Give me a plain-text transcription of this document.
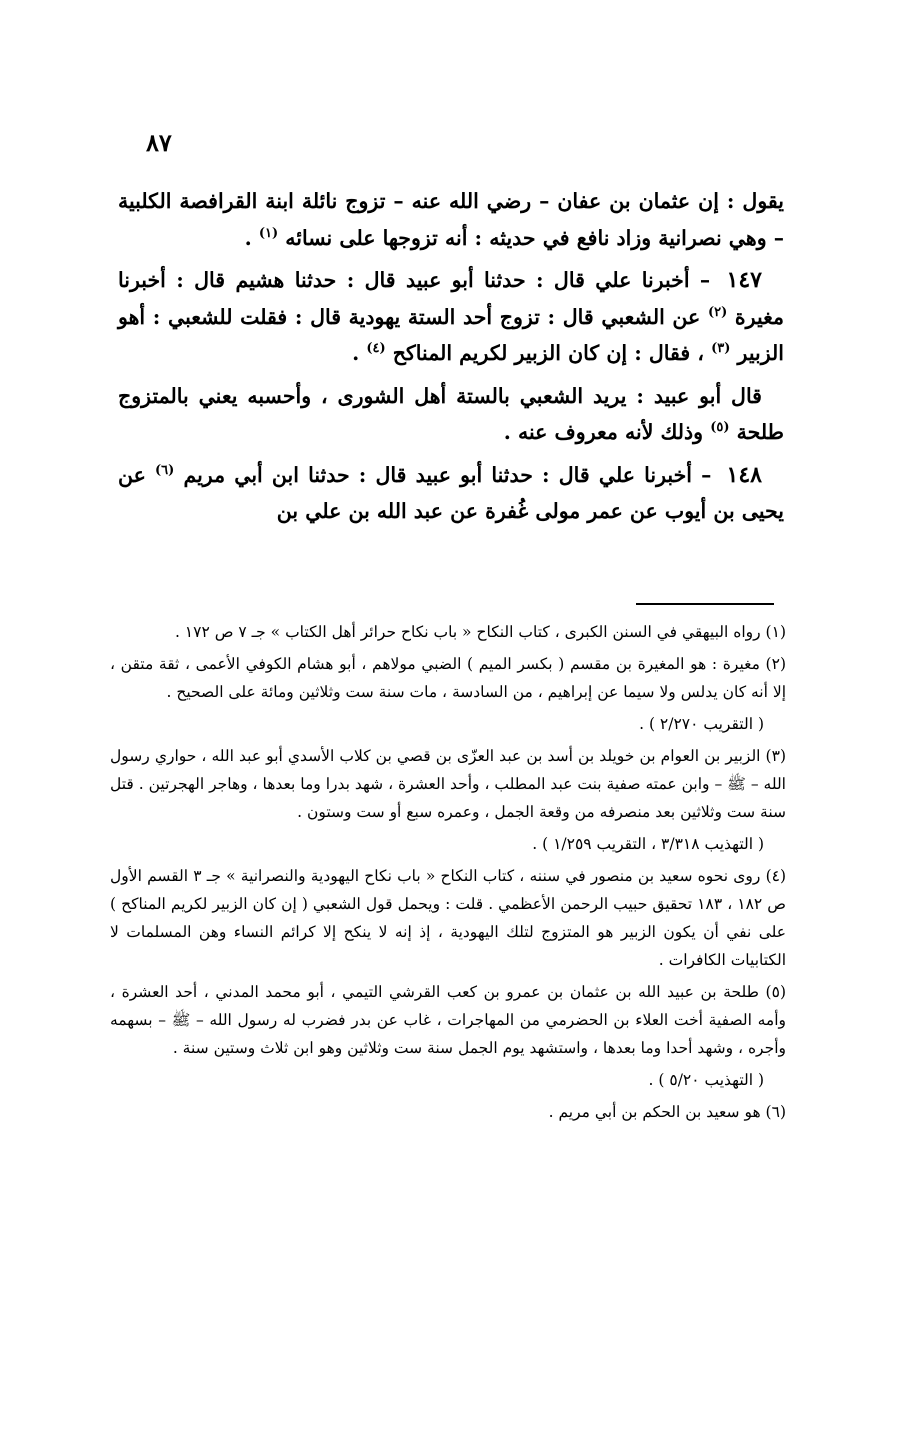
٨٧

يقول : إن عثمان بن عفان – رضي الله عنه – تزوج نائلة ابنة القرافصة الكلبية – وهي نصرانية وزاد نافع في حديثه : أنه تزوجها على نسائه $^{(١)}$ .

١٤٧ – أخبرنا علي قال : حدثنا أبو عبيد قال : حدثنا هشيم قال : أخبرنا مغيرة $^{(٢)}$ عن الشعبي قال : تزوج أحد الستة يهودية قال : فقلت للشعبي : أهو الزبير $^{(٣)}$ ، فقال : إن كان الزبير لكريم المناكح $^{(٤)}$ .

قال أبو عبيد : يريد الشعبي بالستة أهل الشورى ، وأحسبه يعني بالمتزوج طلحة $^{(٥)}$ وذلك لأنه معروف عنه .

١٤٨ – أخبرنا علي قال : حدثنا أبو عبيد قال : حدثنا ابن أبي مريم $^{(٦)}$ عن يحيى بن أيوب عن عمر مولى غُفرة عن عبد الله بن علي بن

(١) رواه البيهقي في السنن الكبرى ، كتاب النكاح « باب نكاح حرائر أهل الكتاب » جـ ٧ ص ١٧٢ .

(٢) مغيرة : هو المغيرة بن مقسم ( بكسر الميم ) الضبي مولاهم ، أبو هشام الكوفي الأعمى ، ثقة متقن ، إلا أنه كان يدلس ولا سيما عن إبراهيم ، من السادسة ، مات سنة ست وثلاثين ومائة على الصحيح .

( التقريب ٢/٢٧٠ ) .

(٣) الزبير بن العوام بن خويلد بن أسد بن عبد العزّى بن قصي بن كلاب الأسدي أبو عبد الله ، حواري رسول الله – ﷺ – وابن عمته صفية بنت عبد المطلب ، وأحد العشرة ، شهد بدرا وما بعدها ، وهاجر الهجرتين . قتل سنة ست وثلاثين بعد منصرفه من وقعة الجمل ، وعمره سبع أو ست وستون .

( التهذيب ٣/٣١٨ ، التقريب ١/٢٥٩ ) .

(٤) روى نحوه سعيد بن منصور في سننه ، كتاب النكاح « باب نكاح اليهودية والنصرانية » جـ ٣ القسم الأول ص ١٨٢ ، ١٨٣ تحقيق حبيب الرحمن الأعظمي . قلت : ويحمل قول الشعبي ( إن كان الزبير لكريم المناكح ) على نفي أن يكون الزبير هو المتزوج لتلك اليهودية ، إذ إنه لا ينكح إلا كرائم النساء وهن المسلمات لا الكتابيات الكافرات .

(٥) طلحة بن عبيد الله بن عثمان بن عمرو بن كعب القرشي التيمي ، أبو محمد المدني ، أحد العشرة ، وأمه الصفية أخت العلاء بن الحضرمي من المهاجرات ، غاب عن بدر فضرب له رسول الله – ﷺ – بسهمه وأجره ، وشهد أحدا وما بعدها ، واستشهد يوم الجمل سنة ست وثلاثين وهو ابن ثلاث وستين سنة .

( التهذيب ٥/٢٠ ) .

(٦) هو سعيد بن الحكم بن أبي مريم .
